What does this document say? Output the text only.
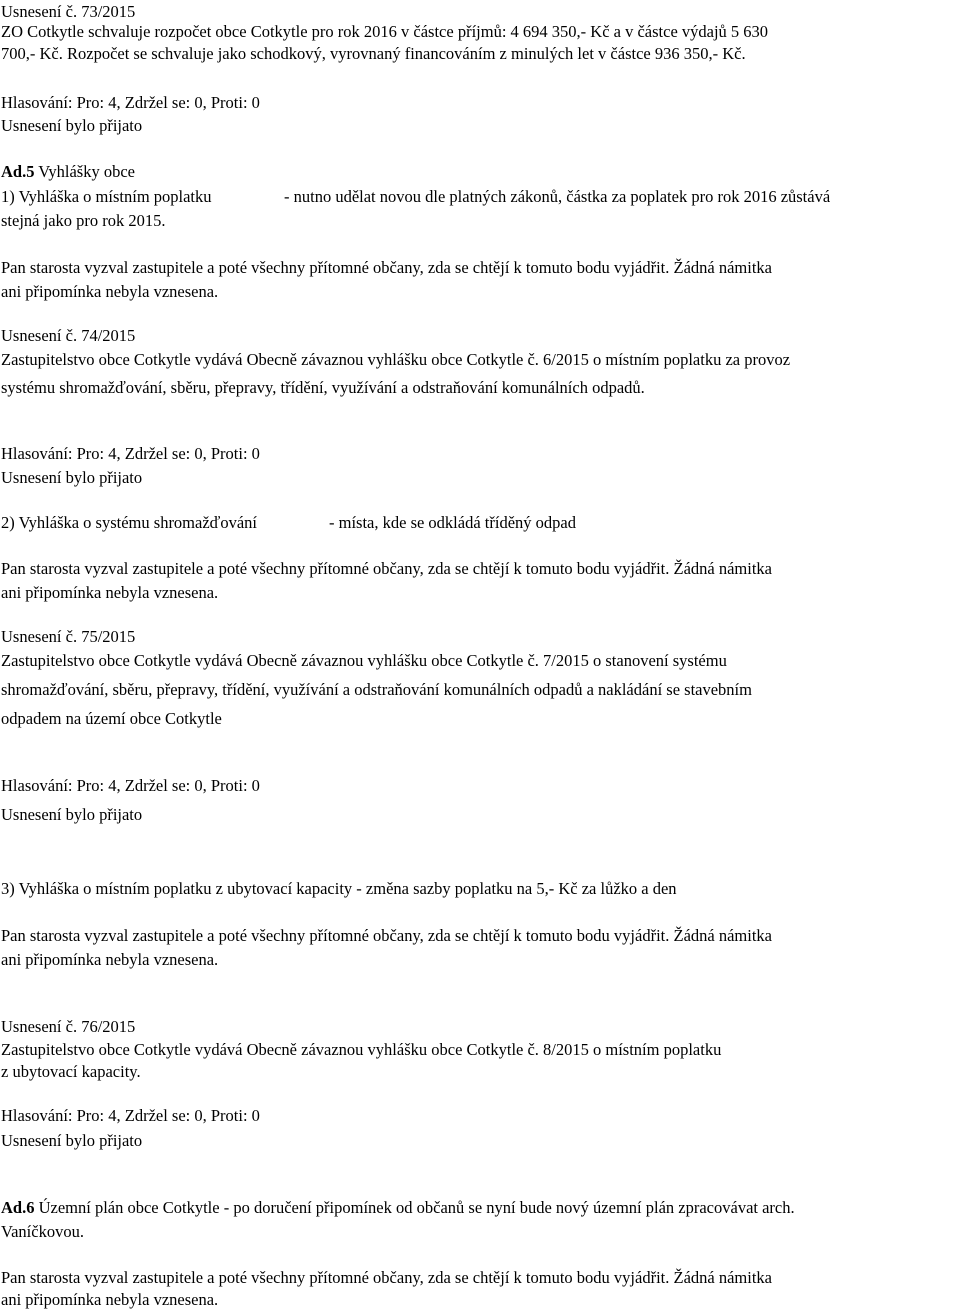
Usnesení č. 73/2015
ZO Cotkytle schvaluje rozpočet obce Cotkytle pro rok 2016 v částce příjmů: 4 694 350,- Kč a v částce výdajů 5 630
700,- Kč. Rozpočet se schvaluje jako schodkový, vyrovnaný financováním z minulých let v částce 936 350,- Kč.
Hlasování: Pro: 4, Zdržel se: 0, Proti: 0
Usnesení bylo přijato
Ad.5 Vyhlášky obce
1) Vyhláška o místním poplatku	- nutno udělat novou dle platných zákonů, částka za poplatek pro rok 2016 zůstává
stejná jako pro rok 2015.
Pan starosta vyzval zastupitele a poté všechny přítomné občany, zda se chtějí k tomuto bodu vyjádřit. Žádná námitka
ani připomínka nebyla vznesena.
Usnesení č. 74/2015
Zastupitelstvo obce Cotkytle vydává Obecně závaznou vyhlášku obce Cotkytle č. 6/2015 o místním poplatku za provoz
systému shromažďování, sběru, přepravy, třídění, využívání a odstraňování komunálních odpadů.
Hlasování: Pro: 4, Zdržel se: 0, Proti: 0
Usnesení bylo přijato
2) Vyhláška o systému shromažďování	- místa, kde se odkládá tříděný odpad
Pan starosta vyzval zastupitele a poté všechny přítomné občany, zda se chtějí k tomuto bodu vyjádřit. Žádná námitka
ani připomínka nebyla vznesena.
Usnesení č. 75/2015
Zastupitelstvo obce Cotkytle vydává Obecně závaznou vyhlášku obce Cotkytle č. 7/2015 o stanovení systému
shromažďování, sběru, přepravy, třídění, využívání a odstraňování komunálních odpadů a nakládání se stavebním
odpadem na území obce Cotkytle
Hlasování: Pro: 4, Zdržel se: 0, Proti: 0
Usnesení bylo přijato
3) Vyhláška o místním poplatku z ubytovací kapacity - změna sazby poplatku na 5,- Kč za lůžko a den
Pan starosta vyzval zastupitele a poté všechny přítomné občany, zda se chtějí k tomuto bodu vyjádřit. Žádná námitka
ani připomínka nebyla vznesena.
Usnesení č. 76/2015
Zastupitelstvo obce Cotkytle vydává Obecně závaznou vyhlášku obce Cotkytle č. 8/2015 o místním poplatku
z ubytovací kapacity.
Hlasování: Pro: 4, Zdržel se: 0, Proti: 0
Usnesení bylo přijato
Ad.6 Územní plán obce Cotkytle - po doručení připomínek od občanů se nyní bude nový územní plán zpracovávat arch.
Vaníčkovou.
Pan starosta vyzval zastupitele a poté všechny přítomné občany, zda se chtějí k tomuto bodu vyjádřit. Žádná námitka
ani připomínka nebyla vznesena.
